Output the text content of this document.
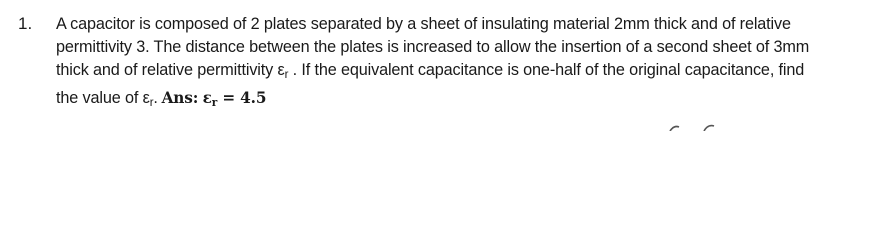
1.	A capacitor is composed of 2 plates separated by a sheet of insulating material 2mm thick and of relative
permittivity 3. The distance between the plates is increased to allow the insertion of a second sheet of 3mm
thick and of relative permittivity $\varepsilon_r$ . If the equivalent capacitance is one-half of the original capacitance, find
the value of $\varepsilon_r$. Ans: εr = 4.5
